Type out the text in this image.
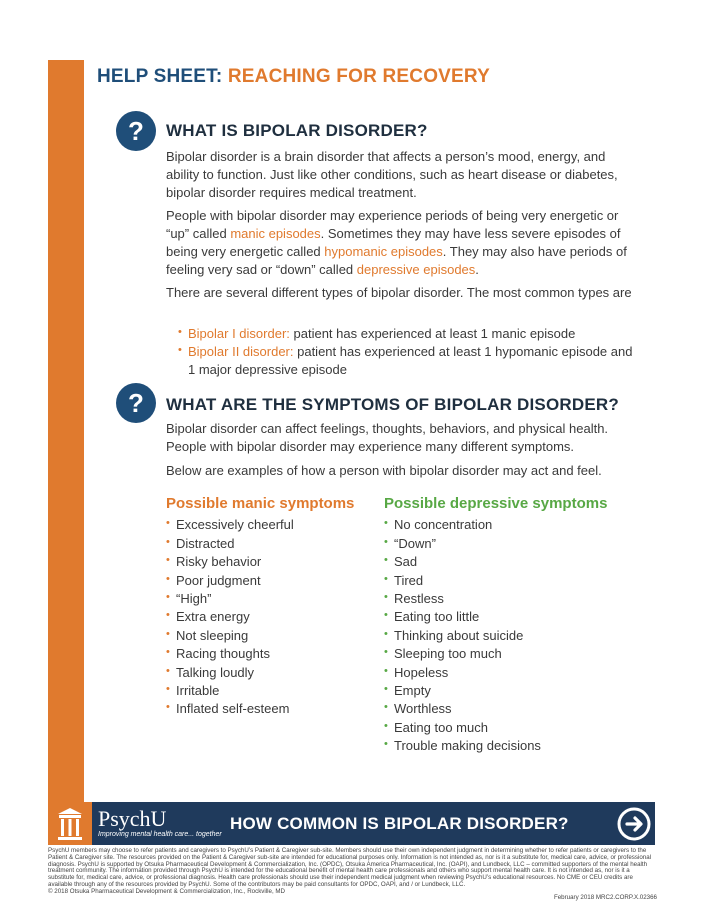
HELP SHEET: REACHING FOR RECOVERY
? WHAT IS BIPOLAR DISORDER?

Bipolar disorder is a brain disorder that affects a person’s mood, energy, and ability to function. Just like other conditions, such as heart disease or diabetes, bipolar disorder requires medical treatment.

People with bipolar disorder may experience periods of being very energetic or “up” called manic episodes. Sometimes they may have less severe episodes of being very energetic called hypomanic episodes. They may also have periods of feeling very sad or “down” called depressive episodes.

There are several different types of bipolar disorder. The most common types are

• Bipolar I disorder: patient has experienced at least 1 manic episode
• Bipolar II disorder: patient has experienced at least 1 hypomanic episode and 1 major depressive episode
? WHAT ARE THE SYMPTOMS OF BIPOLAR DISORDER?

Bipolar disorder can affect feelings, thoughts, behaviors, and physical health. People with bipolar disorder may experience many different symptoms.

Below are examples of how a person with bipolar disorder may act and feel.

Possible manic symptoms
• Excessively cheerful
• Distracted
• Risky behavior
• Poor judgment
• “High”
• Extra energy
• Not sleeping
• Racing thoughts
• Talking loudly
• Irritable
• Inflated self-esteem
Possible depressive symptoms
• No concentration
• “Down”
• Sad
• Tired
• Restless
• Eating too little
• Thinking about suicide
• Sleeping too much
• Hopeless
• Empty
• Worthless
• Eating too much
• Trouble making decisions
PsychU
Improving mental health care... together
HOW COMMON IS BIPOLAR DISORDER?

PsychU members may choose to refer patients and caregivers to PsychU’s Patient & Caregiver sub-site. Members should use their own independent judgment in determining whether to refer patients or caregivers to the Patient & Caregiver site. The resources provided on the Patient & Caregiver sub-site are intended for educational purposes only. Information is not intended as, nor is it a substitute for, medical care, advice, or professional diagnosis. PsychU is supported by Otsuka Pharmaceutical Development & Commercialization, Inc. (OPDC), Otsuka America Pharmaceutical, Inc. (OAPI), and Lundbeck, LLC – committed supporters of the mental health treatment community. The information provided through PsychU is intended for the educational benefit of mental health care professionals and others who support mental health care. It is not intended as, nor is it a substitute for, medical care, advice, or professional diagnosis. Health care professionals should use their independent medical judgment when reviewing PsychU’s educational resources. No CME or CEU credits are available through any of the resources provided by PsychU. Some of the contributors may be paid consultants for OPDC, OAPI, and / or Lundbeck, LLC.

© 2018 Otsuka Pharmaceutical Development & Commercialization, Inc., Rockville, MD

February 2018 MRC2.CORP.X.02366
